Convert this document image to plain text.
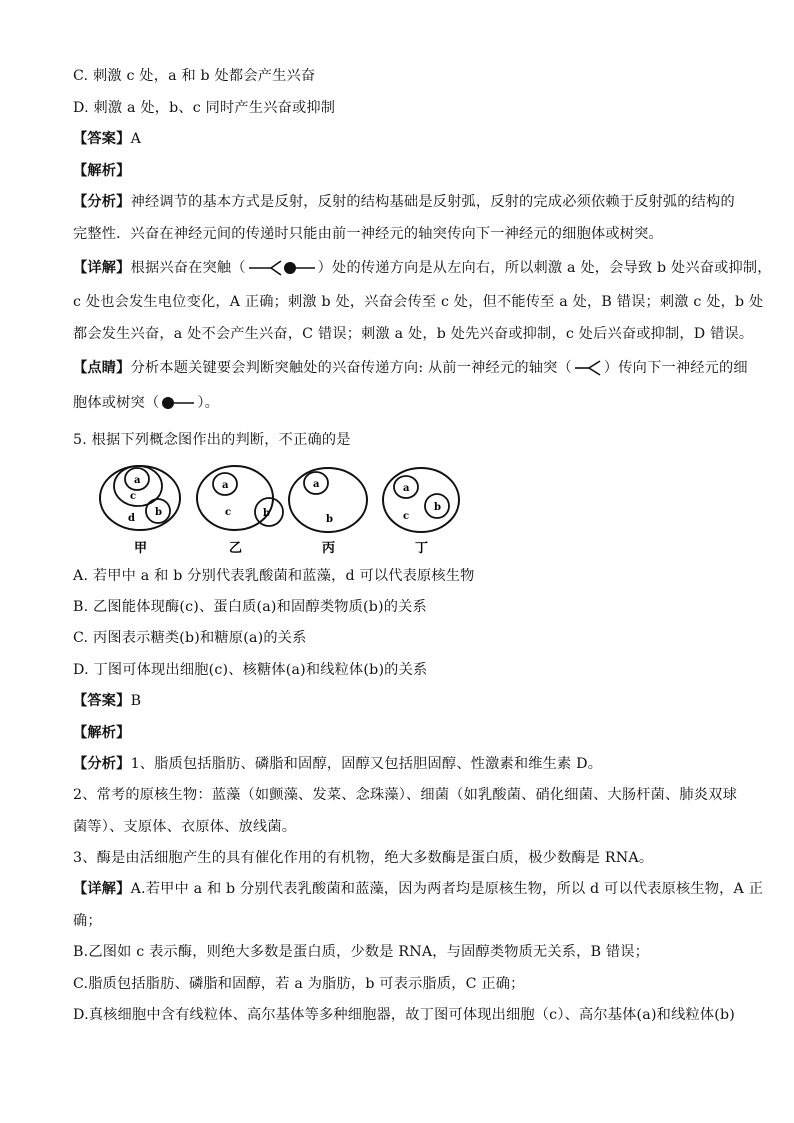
C. 刺激 c 处，a 和 b 处都会产生兴奋
D. 刺激 a 处，b、c 同时产生兴奋或抑制
【答案】A
【解析】
【分析】神经调节的基本方式是反射，反射的结构基础是反射弧，反射的完成必须依赖于反射弧的结构的
完整性．兴奋在神经元间的传递时只能由前一神经元的轴突传向下一神经元的细胞体或树突。
【详解】根据兴奋在突触（	）处的传递方向是从左向右，所以刺激 a 处，会导致 b 处兴奋或抑制，
c 处也会发生电位变化，A 正确；刺激 b 处，兴奋会传至 c 处，但不能传至 a 处，B 错误；刺激 c 处，b 处
都会发生兴奋，a 处不会产生兴奋，C 错误；刺激 a 处，b 处先兴奋或抑制，c 处后兴奋或抑制，D 错误。
【点睛】分析本题关键要会判断突触处的兴奋传递方向: 从前一神经元的轴突（ ）传向下一神经元的细
胞体或树突（	）。
5. 根据下列概念图作出的判断，不正确的是
a
c
d
b
甲
a
c	b
乙
a
b
丙
a
c
b
丁
A. 若甲中 a 和 b 分别代表乳酸菌和蓝藻，d 可以代表原核生物
B. 乙图能体现酶(c)、蛋白质(a)和固醇类物质(b)的关系
C. 丙图表示糖类(b)和糖原(a)的关系
D. 丁图可体现出细胞(c)、核糖体(a)和线粒体(b)的关系
【答案】B
【解析】
【分析】1、脂质包括脂肪、磷脂和固醇，固醇又包括胆固醇、性激素和维生素 D。
2、常考的原核生物：蓝藻（如颤藻、发菜、念珠藻）、细菌（如乳酸菌、硝化细菌、大肠杆菌、肺炎双球
菌等）、支原体、衣原体、放线菌。
3、酶是由活细胞产生的具有催化作用的有机物，绝大多数酶是蛋白质，极少数酶是 RNA。
【详解】A.若甲中 a 和 b 分别代表乳酸菌和蓝藻，因为两者均是原核生物，所以 d 可以代表原核生物，A 正
确；
B.乙图如 c 表示酶，则绝大多数是蛋白质，少数是 RNA，与固醇类物质无关系，B 错误；
C.脂质包括脂肪、磷脂和固醇，若 a 为脂肪，b 可表示脂质，C 正确；
D.真核细胞中含有线粒体、高尔基体等多种细胞器，故丁图可体现出细胞（c）、高尔基体(a)和线粒体(b)
